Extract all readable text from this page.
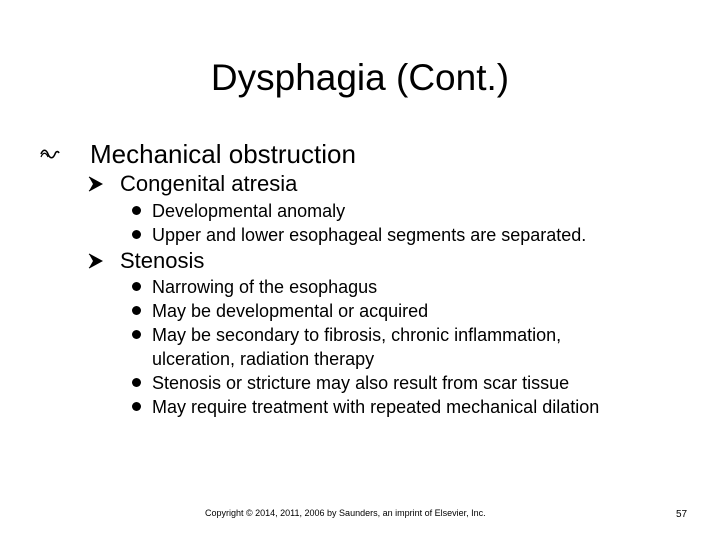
Dysphagia (Cont.)
Mechanical obstruction
Congenital atresia
Developmental anomaly
Upper and lower esophageal segments are separated.
Stenosis
Narrowing of the esophagus
May be developmental or acquired
May be secondary to fibrosis, chronic inflammation,
ulceration, radiation therapy
Stenosis or stricture may also result from scar tissue
May require treatment with repeated mechanical dilation
Copyright © 2014, 2011, 2006 by Saunders, an imprint of Elsevier, Inc.	57
